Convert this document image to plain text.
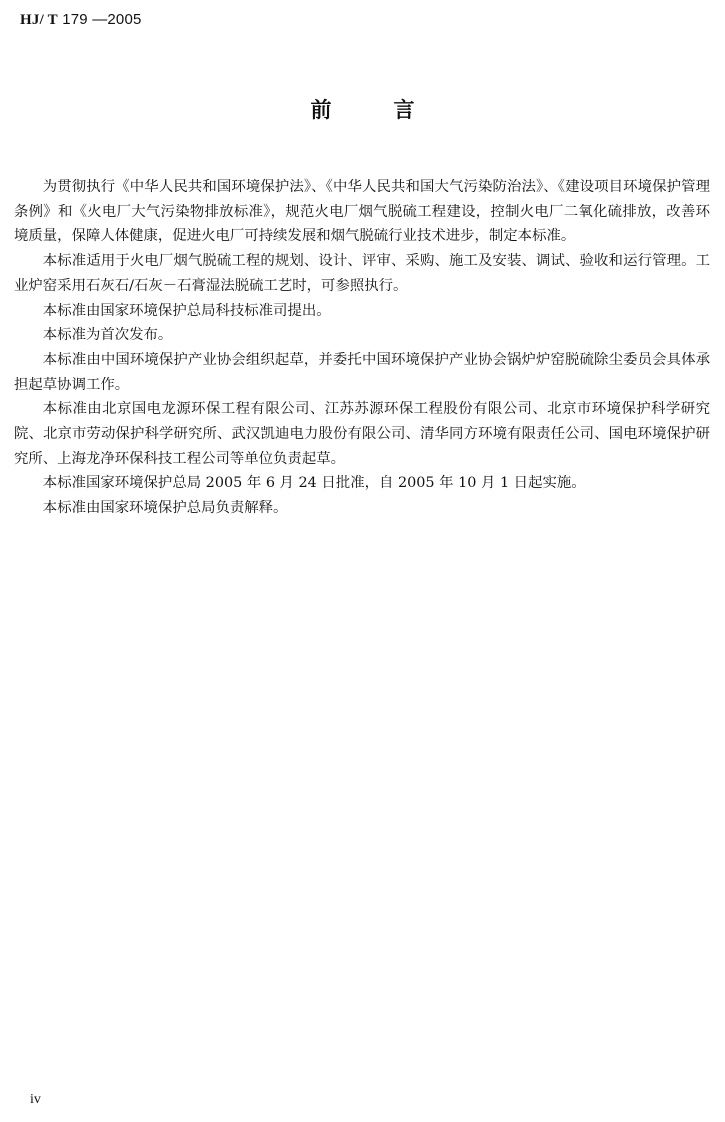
HJ/ T 179 —2005
前言

为贯彻执行《中华人民共和国环境保护法》、《中华人民共和国大气污染防治法》、《建设项目环境保护管理条例》和《火电厂大气污染物排放标准》，规范火电厂烟气脱硫工程建设，控制火电厂二氧化硫排放，改善环境质量，保障人体健康，促进火电厂可持续发展和烟气脱硫行业技术进步，制定本标准。

本标准适用于火电厂烟气脱硫工程的规划、设计、评审、采购、施工及安装、调试、验收和运行管理。工业炉窑采用石灰石/石灰－石膏湿法脱硫工艺时，可参照执行。

本标准由国家环境保护总局科技标准司提出。

本标准为首次发布。

本标准由中国环境保护产业协会组织起草，并委托中国环境保护产业协会锅炉炉窑脱硫除尘委员会具体承担起草协调工作。

本标准由北京国电龙源环保工程有限公司、江苏苏源环保工程股份有限公司、北京市环境保护科学研究院、北京市劳动保护科学研究所、武汉凯迪电力股份有限公司、清华同方环境有限责任公司、国电环境保护研究所、上海龙净环保科技工程公司等单位负责起草。

本标准国家环境保护总局 2005 年 6 月 24 日批准，自 2005 年 10 月 1 日起实施。

本标准由国家环境保护总局负责解释。

iv
